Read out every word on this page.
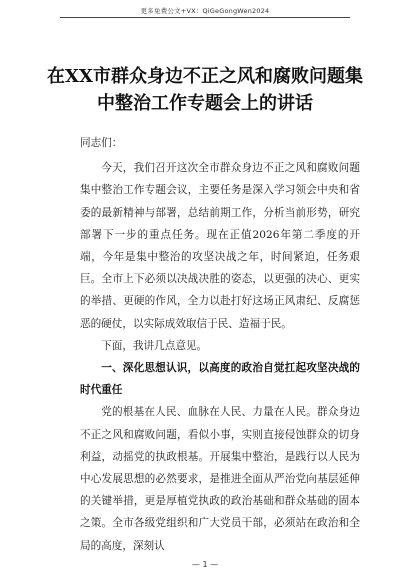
更多免费公文+VX：QiGeGongWen2024
在XX市群众身边不正之风和腐败问题集
中整治工作专题会上的讲话

同志们：

今天，我们召开这次全市群众身边不正之风和腐败问题集中整治工作专题会议，主要任务是深入学习领会中央和省委的最新精神与部署，总结前期工作，分析当前形势，研究部署下一步的重点任务。现在正值2026年第二季度的开端，今年是集中整治的攻坚决战之年，时间紧迫，任务艰巨。全市上下必须以决战决胜的姿态，以更强的决心、更实的举措、更硬的作风，全力以赴打好这场正风肃纪、反腐惩恶的硬仗，以实际成效取信于民、造福于民。

下面，我讲几点意见。

一、深化思想认识，以高度的政治自觉扛起攻坚决战的时代重任

党的根基在人民、血脉在人民、力量在人民。群众身边不正之风和腐败问题，看似小事，实则直接侵蚀群众的切身利益，动摇党的执政根基。开展集中整治，是践行以人民为中心发展思想的必然要求，是推进全面从严治党向基层延伸的关键举措，更是厚植党执政的政治基础和群众基础的固本之策。全市各级党组织和广大党员干部，必须站在政治和全局的高度，深刻认

— 1 —
